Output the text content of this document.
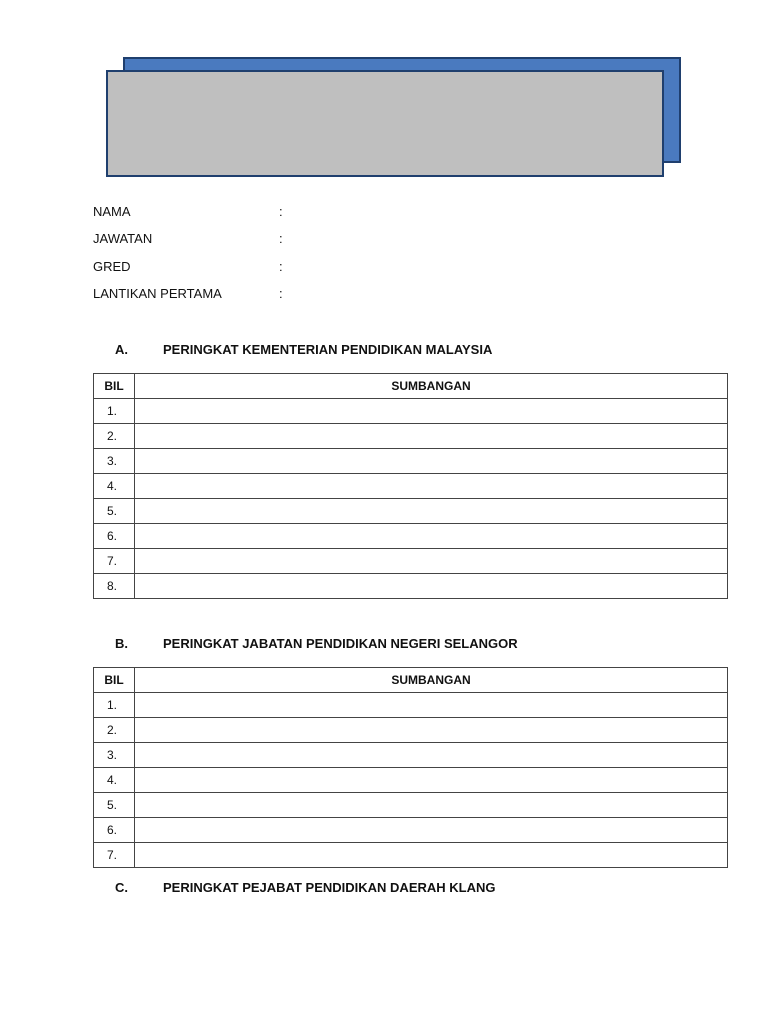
NAMA	:
JAWATAN	:
GRED	:
LANTIKAN PERTAMA	:
A.	PERINGKAT KEMENTERIAN PENDIDIKAN MALAYSIA
BIL	SUMBANGAN
1.	
2.	
3.	
4.	
5.	
6.	
7.	
8.	
B.	PERINGKAT JABATAN PENDIDIKAN NEGERI SELANGOR
BIL	SUMBANGAN
1.	
2.	
3.	
4.	
5.	
6.	
7.	
C.	PERINGKAT PEJABAT PENDIDIKAN DAERAH KLANG
